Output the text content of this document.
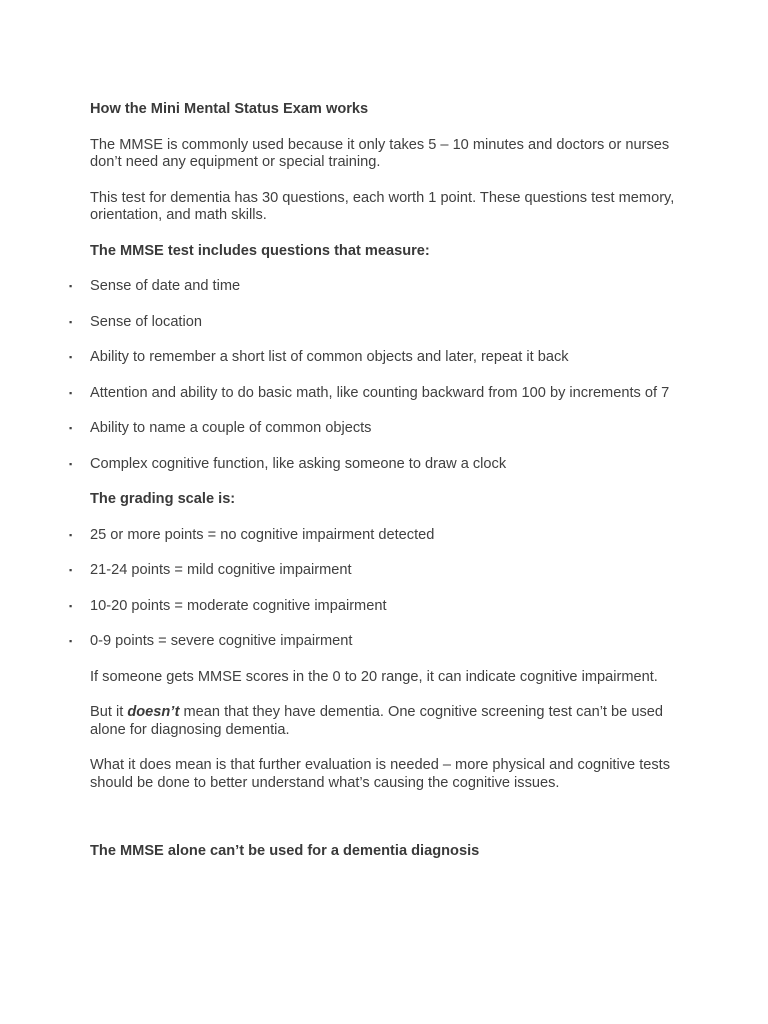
How the Mini Mental Status Exam works

The MMSE is commonly used because it only takes 5 – 10 minutes and doctors or nurses don’t need any equipment or special training.

This test for dementia has 30 questions, each worth 1 point. These questions test memory, orientation, and math skills.

The MMSE test includes questions that measure:

▪ Sense of date and time
▪ Sense of location
▪ Ability to remember a short list of common objects and later, repeat it back
▪ Attention and ability to do basic math, like counting backward from 100 by increments of 7
▪ Ability to name a couple of common objects
▪ Complex cognitive function, like asking someone to draw a clock

The grading scale is:

▪ 25 or more points = no cognitive impairment detected
▪ 21-24 points = mild cognitive impairment
▪ 10-20 points = moderate cognitive impairment
▪ 0-9 points = severe cognitive impairment

If someone gets MMSE scores in the 0 to 20 range, it can indicate cognitive impairment.

But it doesn’t mean that they have dementia. One cognitive screening test can’t be used alone for diagnosing dementia.

What it does mean is that further evaluation is needed – more physical and cognitive tests should be done to better understand what’s causing the cognitive issues.

The MMSE alone can’t be used for a dementia diagnosis
